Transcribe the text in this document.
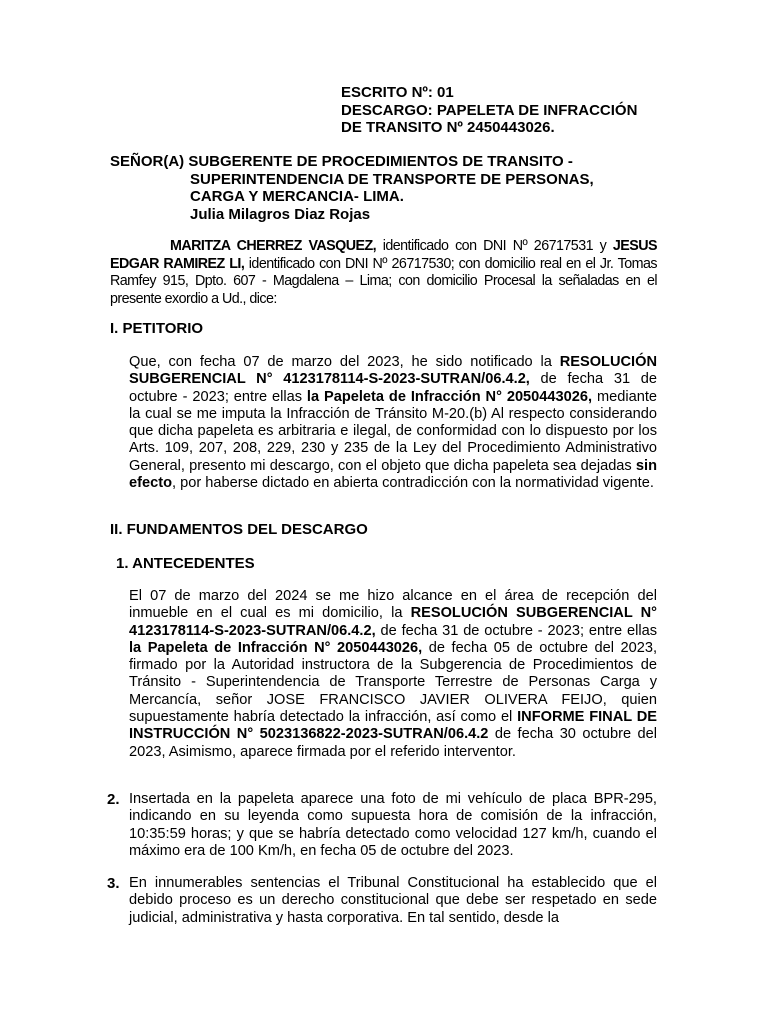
ESCRITO Nº: 01
DESCARGO: PAPELETA DE INFRACCIÓN
DE TRANSITO Nº 2450443026.
SEÑOR(A) SUBGERENTE DE PROCEDIMIENTOS DE TRANSITO -
SUPERINTENDENCIA DE TRANSPORTE DE PERSONAS,
CARGA Y MERCANCIA- LIMA.
Julia Milagros Diaz Rojas
MARITZA CHERREZ VASQUEZ, identificado con DNI Nº 26717531 y JESUS EDGAR RAMIREZ LI, identificado con DNI Nº 26717530; con domicilio real en el Jr. Tomas Ramfey 915, Dpto. 607 - Magdalena – Lima; con domicilio Procesal la señaladas en el presente exordio a Ud., dice:
I. PETITORIO
Que, con fecha 07 de marzo del 2023, he sido notificado la RESOLUCIÓN SUBGERENCIAL N° 4123178114-S-2023-SUTRAN/06.4.2, de fecha 31 de octubre - 2023; entre ellas la Papeleta de Infracción N° 2050443026, mediante la cual se me imputa la Infracción de Tránsito M-20.(b) Al respecto considerando que dicha papeleta es arbitraria e ilegal, de conformidad con lo dispuesto por los Arts. 109, 207, 208, 229, 230 y 235 de la Ley del Procedimiento Administrativo General, presento mi descargo, con el objeto que dicha papeleta sea dejadas sin efecto, por haberse dictado en abierta contradicción con la normatividad vigente.
II. FUNDAMENTOS DEL DESCARGO
1. ANTECEDENTES
El 07 de marzo del 2024 se me hizo alcance en el área de recepción del inmueble en el cual es mi domicilio, la RESOLUCIÓN SUBGERENCIAL N° 4123178114-S-2023-SUTRAN/06.4.2, de fecha 31 de octubre - 2023; entre ellas la Papeleta de Infracción N° 2050443026, de fecha 05 de octubre del 2023, firmado por la Autoridad instructora de la Subgerencia de Procedimientos de Tránsito - Superintendencia de Transporte Terrestre de Personas Carga y Mercancía, señor JOSE FRANCISCO JAVIER OLIVERA FEIJO, quien supuestamente habría detectado la infracción, así como el INFORME FINAL DE INSTRUCCIÓN N° 5023136822-2023-SUTRAN/06.4.2 de fecha 30 octubre del 2023, Asimismo, aparece firmada por el referido interventor.
2. Insertada en la papeleta aparece una foto de mi vehículo de placa BPR-295, indicando en su leyenda como supuesta hora de comisión de la infracción, 10:35:59 horas; y que se habría detectado como velocidad 127 km/h, cuando el máximo era de 100 Km/h, en fecha 05 de octubre del 2023.
3. En innumerables sentencias el Tribunal Constitucional ha establecido que el debido proceso es un derecho constitucional que debe ser respetado en sede judicial, administrativa y hasta corporativa. En tal sentido, desde la
